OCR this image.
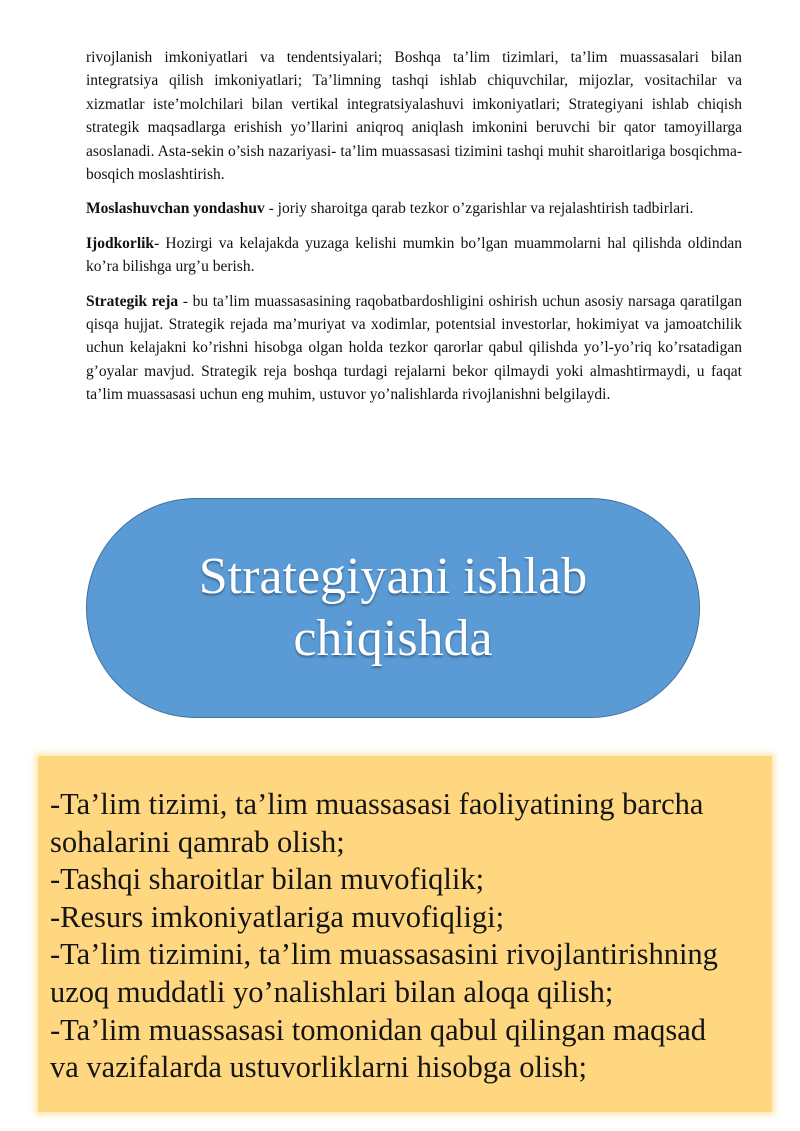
rivojlanish imkoniyatlari va tendentsiyalari; Boshqa ta’lim tizimlari, ta’lim muassasalari bilan integratsiya qilish imkoniyatlari; Ta’limning tashqi ishlab chiquvchilar, mijozlar, vositachilar va xizmatlar iste’molchilari bilan vertikal integratsiyalashuvi imkoniyatlari; Strategiyani ishlab chiqish strategik maqsadlarga erishish yo’llarini aniqroq aniqlash imkonini beruvchi bir qator tamoyillarga asoslanadi. Asta-sekin o’sish nazariyasi- ta’lim muassasasi tizimini tashqi muhit sharoitlariga bosqichma-bosqich moslashtirish.

Moslashuvchan yondashuv - joriy sharoitga qarab tezkor o’zgarishlar va rejalashtirish tadbirlari.

Ijodkorlik- Hozirgi va kelajakda yuzaga kelishi mumkin bo’lgan muammolarni hal qilishda oldindan ko’ra bilishga urg’u berish.

Strategik reja - bu ta’lim muassasasining raqobatbardoshligini oshirish uchun asosiy narsaga qaratilgan qisqa hujjat. Strategik rejada ma’muriyat va xodimlar, potentsial investorlar, hokimiyat va jamoatchilik uchun kelajakni ko’rishni hisobga olgan holda tezkor qarorlar qabul qilishda yo’l-yo’riq ko’rsatadigan g’oyalar mavjud. Strategik reja boshqa turdagi rejalarni bekor qilmaydi yoki almashtirmaydi, u faqat ta’lim muassasasi uchun eng muhim, ustuvor yo’nalishlarda rivojlanishni belgilaydi.

Strategiyani ishlab chiqishda
-Ta’lim tizimi, ta’lim muassasasi faoliyatining barcha
sohalarini qamrab olish;
-Tashqi sharoitlar bilan muvofiqlik;
-Resurs imkoniyatlariga muvofiqligi;
-Ta’lim tizimini, ta’lim muassasasini rivojlantirishning
uzoq muddatli yo’nalishlari bilan aloqa qilish;
-Ta’lim muassasasi tomonidan qabul qilingan maqsad
va vazifalarda ustuvorliklarni hisobga olish;
